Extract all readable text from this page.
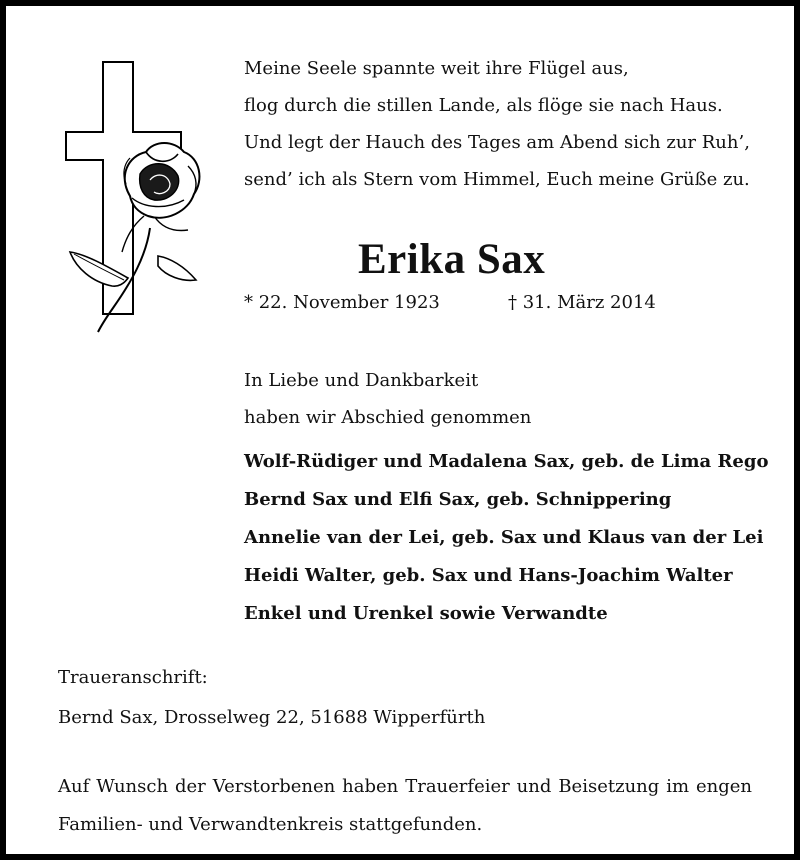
Meine Seele spannte weit ihre Flügel aus,
flog durch die stillen Lande, als flöge sie nach Haus.
Und legt der Hauch des Tages am Abend sich zur Ruh’,
send’ ich als Stern vom Himmel, Euch meine Grüße zu.
Erika Sax
* 22. November 1923	† 31. März 2014
In Liebe und Dankbarkeit
haben wir Abschied genommen
Wolf-Rüdiger und Madalena Sax, geb. de Lima Rego
Bernd Sax und Elfi Sax, geb. Schnippering
Annelie van der Lei, geb. Sax und Klaus van der Lei
Heidi Walter, geb. Sax und Hans-Joachim Walter
Enkel und Urenkel sowie Verwandte
Traueranschrift:
Bernd Sax, Drosselweg 22, 51688 Wipperfürth

Auf Wunsch der Verstorbenen haben Trauerfeier und Beisetzung im engen Familien- und Verwandtenkreis stattgefunden.
